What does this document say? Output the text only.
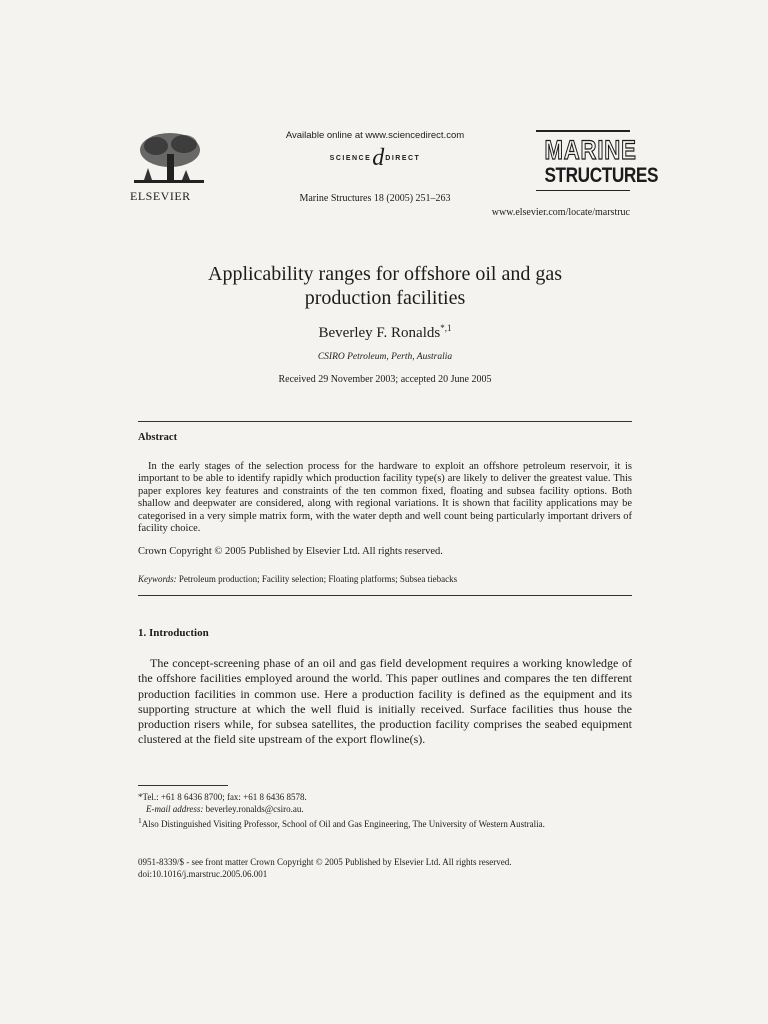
ELSEVIER
Available online at www.sciencedirect.com
SCIENCE d DIRECT
Marine Structures 18 (2005) 251–263
MARINE
STRUCTURES
www.elsevier.com/locate/marstruc
Applicability ranges for offshore oil and gas
production facilities
Beverley F. Ronalds$^{*,1}$
CSIRO Petroleum, Perth, Australia
Received 29 November 2003; accepted 20 June 2005
Abstract
In the early stages of the selection process for the hardware to exploit an offshore petroleum reservoir, it is important to be able to identify rapidly which production facility type(s) are likely to deliver the greatest value. This paper explores key features and constraints of the ten common fixed, floating and subsea facility options. Both shallow and deepwater are considered, along with regional variations. It is shown that facility applications may be categorised in a very simple matrix form, with the water depth and well count being particularly important drivers of facility choice.
Crown Copyright © 2005 Published by Elsevier Ltd. All rights reserved.
Keywords: Petroleum production; Facility selection; Floating platforms; Subsea tiebacks
1. Introduction
The concept-screening phase of an oil and gas field development requires a working knowledge of the offshore facilities employed around the world. This paper outlines and compares the ten different production facilities in common use. Here a production facility is defined as the equipment and its supporting structure at which the well fluid is initially received. Surface facilities thus house the production risers while, for subsea satellites, the production facility comprises the seabed equipment clustered at the field site upstream of the export flowline(s).
*Tel.: +61 8 6436 8700; fax: +61 8 6436 8578.
E-mail address: beverley.ronalds@csiro.au.
$^1$Also Distinguished Visiting Professor, School of Oil and Gas Engineering, The University of Western Australia.
0951-8339/$ - see front matter Crown Copyright © 2005 Published by Elsevier Ltd. All rights reserved.
doi:10.1016/j.marstruc.2005.06.001
